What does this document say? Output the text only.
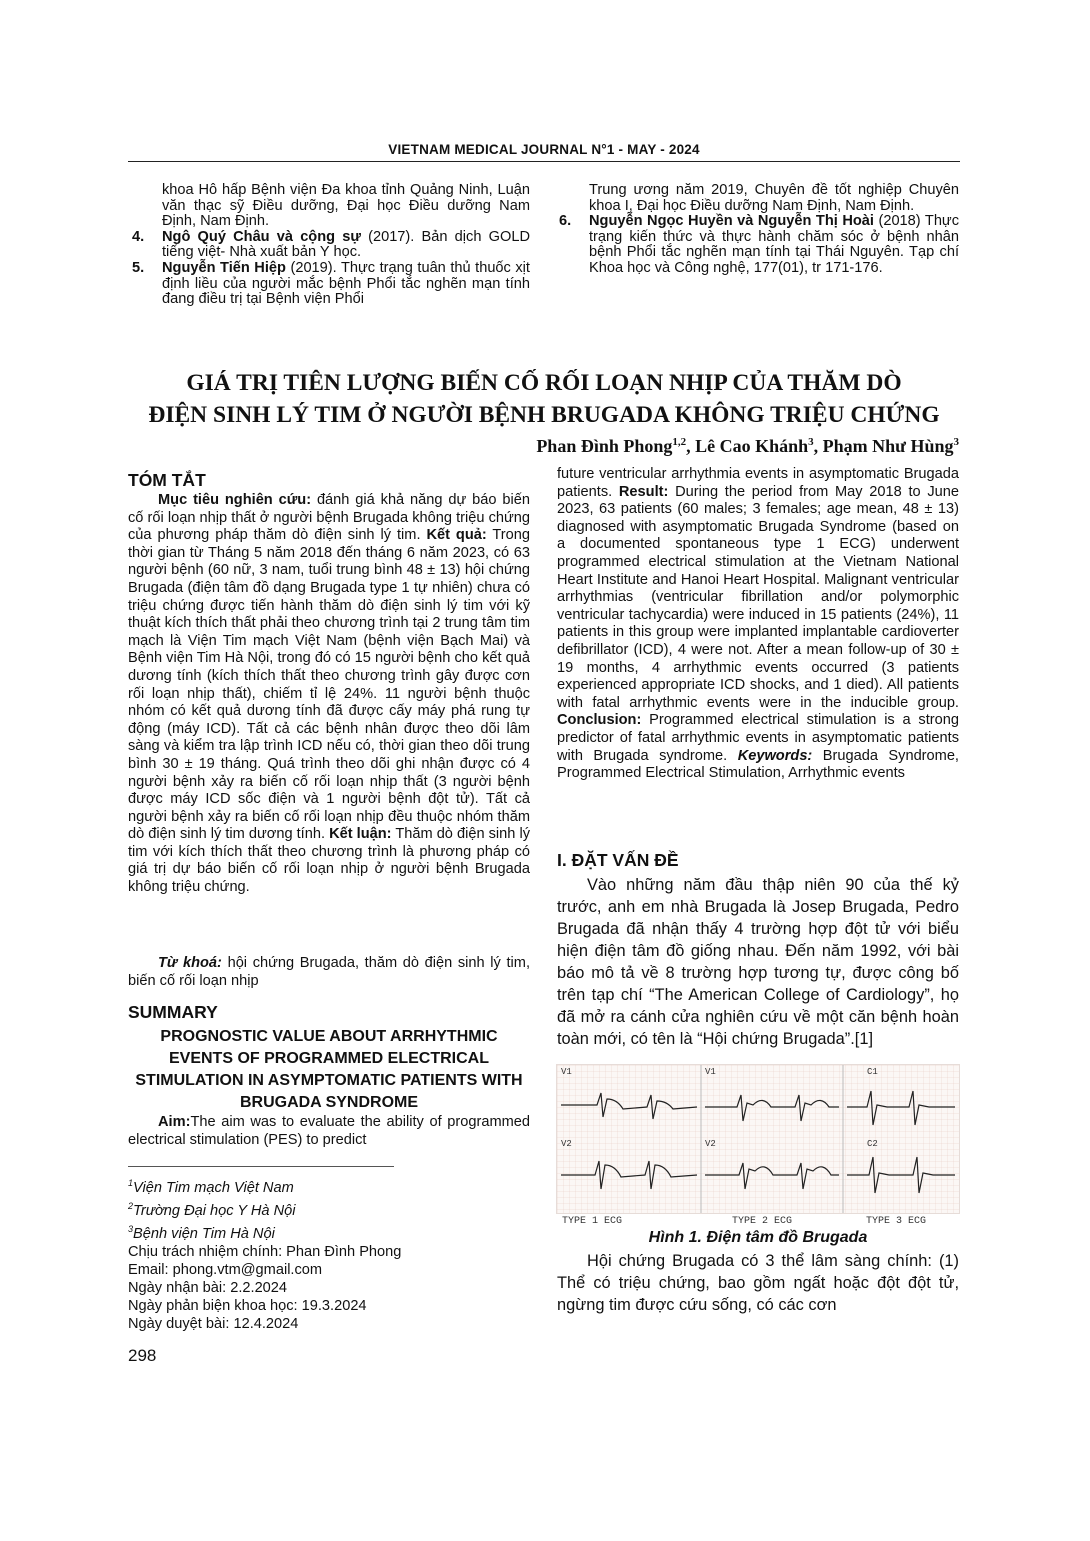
VIETNAM MEDICAL JOURNAL N°1 - MAY - 2024
khoa Hô hấp Bệnh viện Đa khoa tỉnh Quảng Ninh, Luận văn thạc sỹ Điều dưỡng, Đại học Điều dưỡng Nam Định, Nam Định.
4. Ngô Quý Châu và cộng sự (2017). Bản dịch GOLD tiếng việt- Nhà xuất bản Y học.
5. Nguyễn Tiến Hiệp (2019). Thực trạng tuân thủ thuốc xịt định liều của người mắc bệnh Phổi tắc nghẽn mạn tính đang điều trị tại Bệnh viện Phổi
Trung ương năm 2019, Chuyên đề tốt nghiệp Chuyên khoa I, Đại học Điều dưỡng Nam Định, Nam Định.
6. Nguyễn Ngọc Huyền và Nguyễn Thị Hoài (2018) Thực trạng kiến thức và thực hành chăm sóc ở bệnh nhân bệnh Phổi tắc nghẽn mạn tính tại Thái Nguyên. Tạp chí Khoa học và Công nghệ, 177(01), tr 171-176.
GIÁ TRỊ TIÊN LƯỢNG BIẾN CỐ RỐI LOẠN NHỊP CỦA THĂM DÒ
ĐIỆN SINH LÝ TIM Ở NGƯỜI BỆNH BRUGADA KHÔNG TRIỆU CHỨNG
Phan Đình Phong$^{1,2}$, Lê Cao Khánh$^3$, Phạm Như Hùng$^3$
TÓM TẮT
Mục tiêu nghiên cứu: đánh giá khả năng dự báo biến cố rối loạn nhịp thất ở người bệnh Brugada không triệu chứng của phương pháp thăm dò điện sinh lý tim. Kết quả: Trong thời gian từ Tháng 5 năm 2018 đến tháng 6 năm 2023, có 63 người bệnh (60 nữ, 3 nam, tuổi trung bình 48 ± 13) hội chứng Brugada (điện tâm đồ dạng Brugada type 1 tự nhiên) chưa có triệu chứng được tiến hành thăm dò điện sinh lý tim với kỹ thuật kích thích thất phải theo chương trình tại 2 trung tâm tim mạch là Viện Tim mạch Việt Nam (bệnh viện Bạch Mai) và Bệnh viện Tim Hà Nội, trong đó có 15 người bệnh cho kết quả dương tính (kích thích thất theo chương trình gây được cơn rối loạn nhịp thất), chiếm tỉ lệ 24%. 11 người bệnh thuộc nhóm có kết quả dương tính đã được cấy máy phá rung tự động (máy ICD). Tất cả các bệnh nhân được theo dõi lâm sàng và kiểm tra lập trình ICD nếu có, thời gian theo dõi trung bình 30 ± 19 tháng. Quá trình theo dõi ghi nhận được có 4 người bệnh xảy ra biến cố rối loạn nhịp thất (3 người bệnh được máy ICD sốc điện và 1 người bệnh đột tử). Tất cả người bệnh xảy ra biến cố rối loạn nhịp đều thuộc nhóm thăm dò điện sinh lý tim dương tính. Kết luận: Thăm dò điện sinh lý tim với kích thích thất theo chương trình là phương pháp có giá trị dự báo biến cố rối loạn nhịp ở người bệnh Brugada không triệu chứng.
Từ khoá: hội chứng Brugada, thăm dò điện sinh lý tim, biến cố rối loạn nhịp
SUMMARY
PROGNOSTIC VALUE ABOUT ARRHYTHMIC EVENTS OF PROGRAMMED ELECTRICAL STIMULATION IN ASYMPTOMATIC PATIENTS WITH BRUGADA SYNDROME
Aim:The aim was to evaluate the ability of programmed electrical stimulation (PES) to predict
$^1$Viện Tim mạch Việt Nam
$^2$Trường Đại học Y Hà Nội
$^3$Bệnh viện Tim Hà Nội
Chịu trách nhiệm chính: Phan Đình Phong
Email: phong.vtm@gmail.com
Ngày nhận bài: 2.2.2024
Ngày phản biện khoa học: 19.3.2024
Ngày duyệt bài: 12.4.2024
298
future ventricular arrhythmia events in asymptomatic Brugada patients. Result: During the period from May 2018 to June 2023, 63 patients (60 males; 3 females; age mean, 48 ± 13) diagnosed with asymptomatic Brugada Syndrome (based on a documented spontaneous type 1 ECG) underwent programmed electrical stimulation at the Vietnam National Heart Institute and Hanoi Heart Hospital. Malignant ventricular arrhythmias (ventricular fibrillation and/or polymorphic ventricular tachycardia) were induced in 15 patients (24%), 11 patients in this group were implanted implantable cardioverter defibrillator (ICD), 4 were not. After a mean follow-up of 30 ± 19 months, 4 arrhythmic events occurred (3 patients experienced appropriate ICD shocks, and 1 died). All patients with fatal arrhythmic events were in the inducible group. Conclusion: Programmed electrical stimulation is a strong predictor of fatal arrhythmic events in asymptomatic patients with Brugada syndrome. Keywords: Brugada Syndrome, Programmed Electrical Stimulation, Arrhythmic events
I. ĐẶT VẤN ĐỀ
Vào những năm đầu thập niên 90 của thế kỷ trước, anh em nhà Brugada là Josep Brugada, Pedro Brugada đã nhận thấy 4 trường hợp đột tử với biểu hiện điện tâm đồ giống nhau. Đến năm 1992, với bài báo mô tả về 8 trường hợp tương tự, được công bố trên tạp chí “The American College of Cardiology”, họ đã mở ra cánh cửa nghiên cứu về một căn bệnh hoàn toàn mới, có tên là “Hội chứng Brugada”.[1]
V1
V2
V1
V2
C1
C2
TYPE 1 ECG	TYPE 2 ECG	TYPE 3 ECG
Hình 1. Điện tâm đồ Brugada
Hội chứng Brugada có 3 thể lâm sàng chính: (1) Thể có triệu chứng, bao gồm ngất hoặc đột đột tử, ngừng tim được cứu sống, có các cơn
